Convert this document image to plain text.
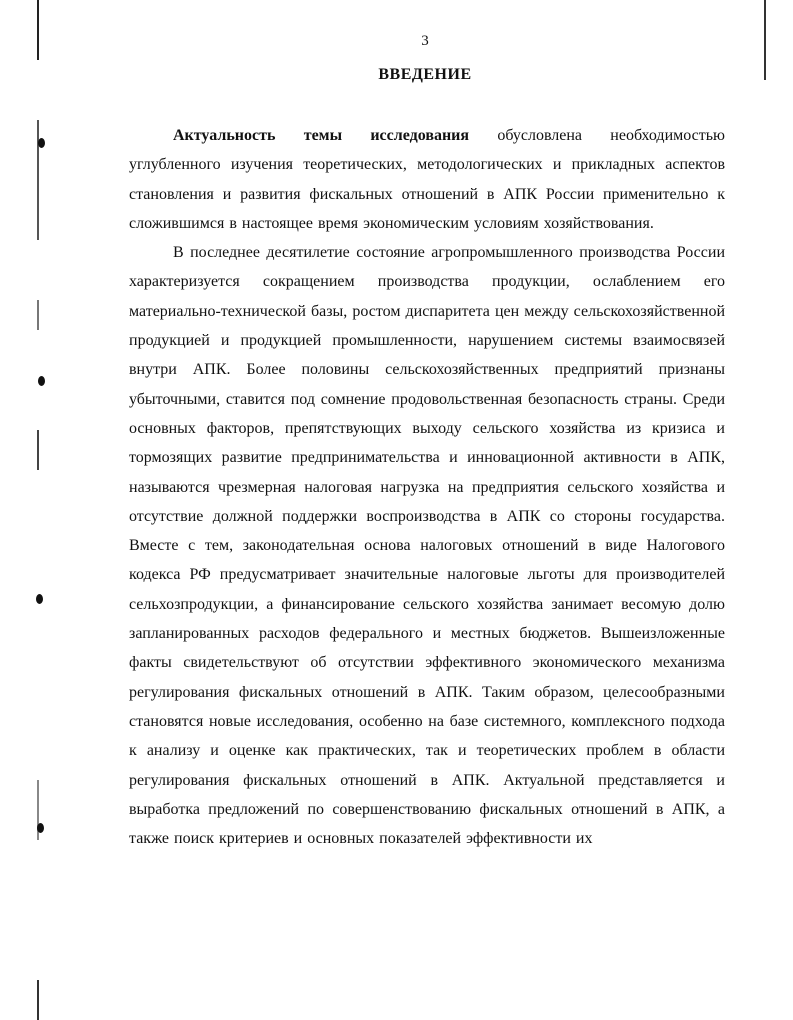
3
ВВЕДЕНИЕ

Актуальность темы исследования обусловлена необходимостью углубленного изучения теоретических, методологических и прикладных аспектов становления и развития фискальных отношений в АПК России применительно к сложившимся в настоящее время экономическим условиям хозяйствования.

В последнее десятилетие состояние агропромышленного производства России характеризуется сокращением производства продукции, ослаблением его материально-технической базы, ростом диспаритета цен между сельскохозяйственной продукцией и продукцией промышленности, нарушением системы взаимосвязей внутри АПК. Более половины сельскохозяйственных предприятий признаны убыточными, ставится под сомнение продовольственная безопасность страны. Среди основных факторов, препятствующих выходу сельского хозяйства из кризиса и тормозящих развитие предпринимательства и инновационной активности в АПК, называются чрезмерная налоговая нагрузка на предприятия сельского хозяйства и отсутствие должной поддержки воспроизводства в АПК со стороны государства. Вместе с тем, законодательная основа налоговых отношений в виде Налогового кодекса РФ предусматривает значительные налоговые льготы для производителей сельхозпродукции, а финансирование сельского хозяйства занимает весомую долю запланированных расходов федерального и местных бюджетов. Вышеизложенные факты свидетельствуют об отсутствии эффективного экономического механизма регулирования фискальных отношений в АПК. Таким образом, целесообразными становятся новые исследования, особенно на базе системного, комплексного подхода к анализу и оценке как практических, так и теоретических проблем в области регулирования фискальных отношений в АПК. Актуальной представляется и выработка предложений по совершенствованию фискальных отношений в АПК, а также поиск критериев и основных показателей эффективности их
